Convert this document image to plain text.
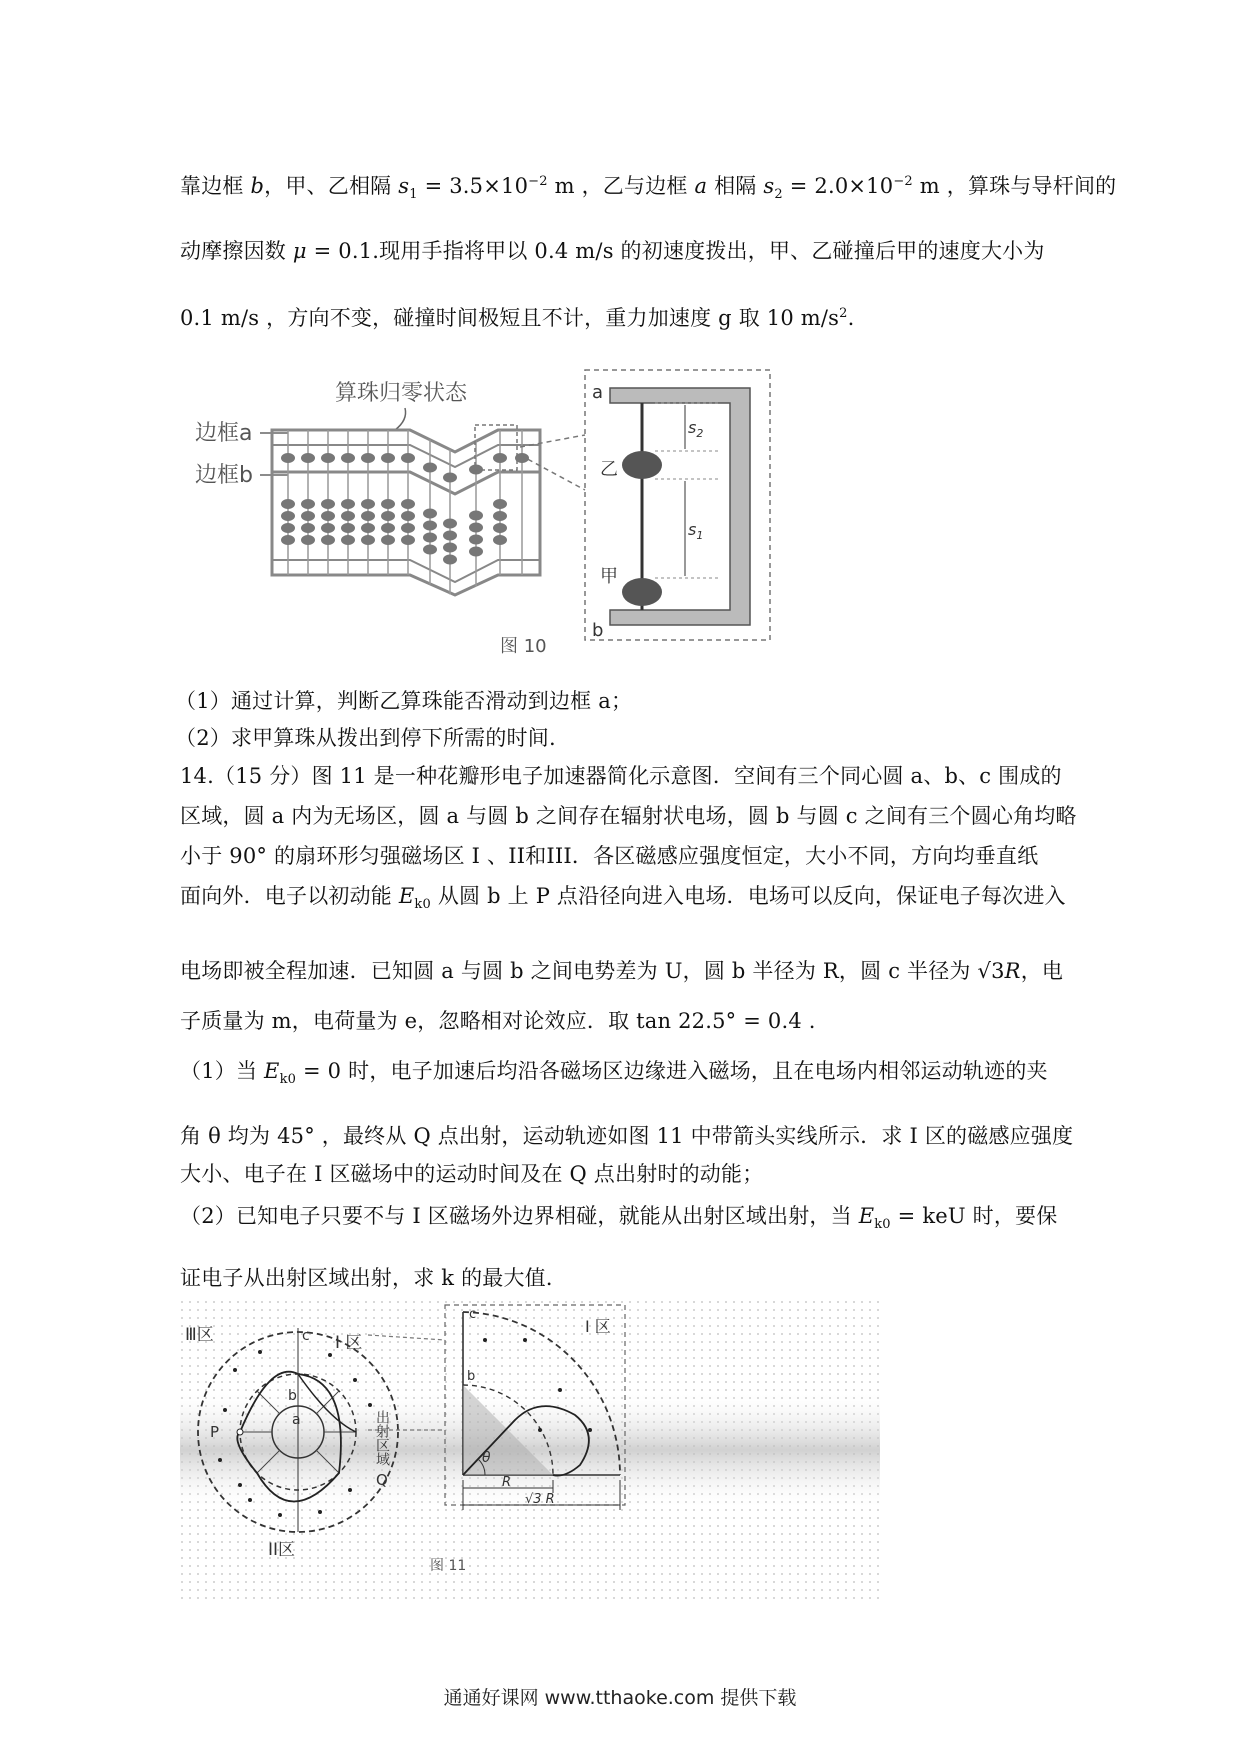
靠边框 b，甲、乙相隔 $s_1 = 3.5\times 10^{-2}$ m ，乙与边框 a 相隔 $s_2 = 2.0\times 10^{-2}$ m ，算珠与导杆间的
动摩擦因数 μ = 0.1.现用手指将甲以 0.4 m/s 的初速度拨出，甲、乙碰撞后甲的速度大小为
0.1 m/s ，方向不变，碰撞时间极短且不计，重力加速度 g 取 10 $m/s^2$.
算珠归零状态
边框a
边框b
$s_2$
$s_1$
a
b
乙
甲
图 10
（1）通过计算，判断乙算珠能否滑动到边框 a；
（2）求甲算珠从拨出到停下所需的时间.
14.（15 分）图 11 是一种花瓣形电子加速器简化示意图．空间有三个同心圆 a、b、c 围成的
区域，圆 a 内为无场区，圆 a 与圆 b 之间存在辐射状电场，圆 b 与圆 c 之间有三个圆心角均略
小于 90° 的扇环形匀强磁场区 I 、II和III．各区磁感应强度恒定，大小不同，方向均垂直纸
面向外．电子以初动能 $E_{k0}$ 从圆 b 上 P 点沿径向进入电场．电场可以反向，保证电子每次进入
电场即被全程加速．已知圆 a 与圆 b 之间电势差为 U，圆 b 半径为 R，圆 c 半径为 √3R，电
子质量为 m，电荷量为 e，忽略相对论效应．取 tan 22.5° = 0.4 .
（1）当 $E_{k0} = 0$ 时，电子加速后均沿各磁场区边缘进入磁场，且在电场内相邻运动轨迹的夹
角 θ 均为 45° ，最终从 Q 点出射，运动轨迹如图 11 中带箭头实线所示．求 I 区的磁感应强度
大小、电子在 I 区磁场中的运动时间及在 Q 点出射时的动能；
（2）已知电子只要不与 I 区磁场外边界相碰，就能从出射区域出射，当 $E_{k0}$ = keU 时，要保
证电子从出射区域出射，求 k 的最大值．
Ⅲ区	I 区
II区
c
b
a
P
Q
出射区域
I 区
c
b
θ
R
√3 R
图 11
通通好课网 www.tthaoke.com 提供下载
